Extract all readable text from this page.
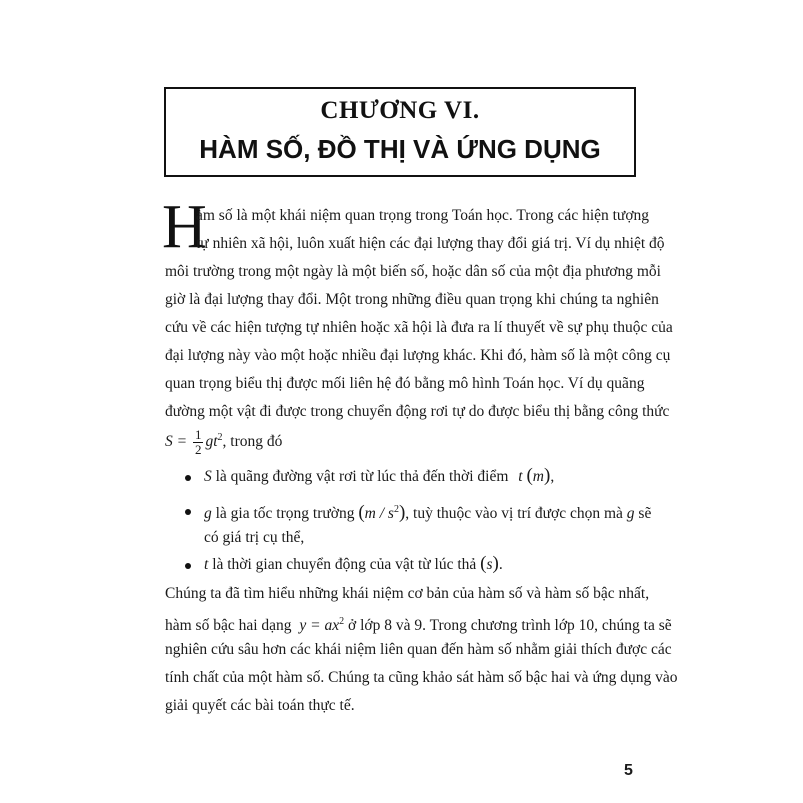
CHƯƠNG VI.
HÀM SỐ, ĐỒ THỊ VÀ ỨNG DỤNG
H
àm số là một khái niệm quan trọng trong Toán học. Trong các hiện tượng
tự nhiên xã hội, luôn xuất hiện các đại lượng thay đổi giá trị. Ví dụ nhiệt độ
môi trường trong một ngày là một biến số, hoặc dân số của một địa phương mỗi
giờ là đại lượng thay đổi. Một trong những điều quan trọng khi chúng ta nghiên
cứu về các hiện tượng tự nhiên hoặc xã hội là đưa ra lí thuyết về sự phụ thuộc của
đại lượng này vào một hoặc nhiều đại lượng khác. Khi đó, hàm số là một công cụ
quan trọng biểu thị được mối liên hệ đó bằng mô hình Toán học. Ví dụ quãng
đường một vật đi được trong chuyển động rơi tự do được biểu thị bằng công thức
$S = \frac{1}{2} gt^2$, trong đó
S là quãng đường vật rơi từ lúc thả đến thời điểm t (m),
g là gia tốc trọng trường $(m / s^2)$, tuỳ thuộc vào vị trí được chọn mà g sẽ
có giá trị cụ thể,
t là thời gian chuyển động của vật từ lúc thả (s).
Chúng ta đã tìm hiểu những khái niệm cơ bản của hàm số và hàm số bậc nhất,
hàm số bậc hai dạng $y = ax^2$ ở lớp 8 và 9. Trong chương trình lớp 10, chúng ta sẽ
nghiên cứu sâu hơn các khái niệm liên quan đến hàm số nhằm giải thích được các
tính chất của một hàm số. Chúng ta cũng khảo sát hàm số bậc hai và ứng dụng vào
giải quyết các bài toán thực tế.
5
